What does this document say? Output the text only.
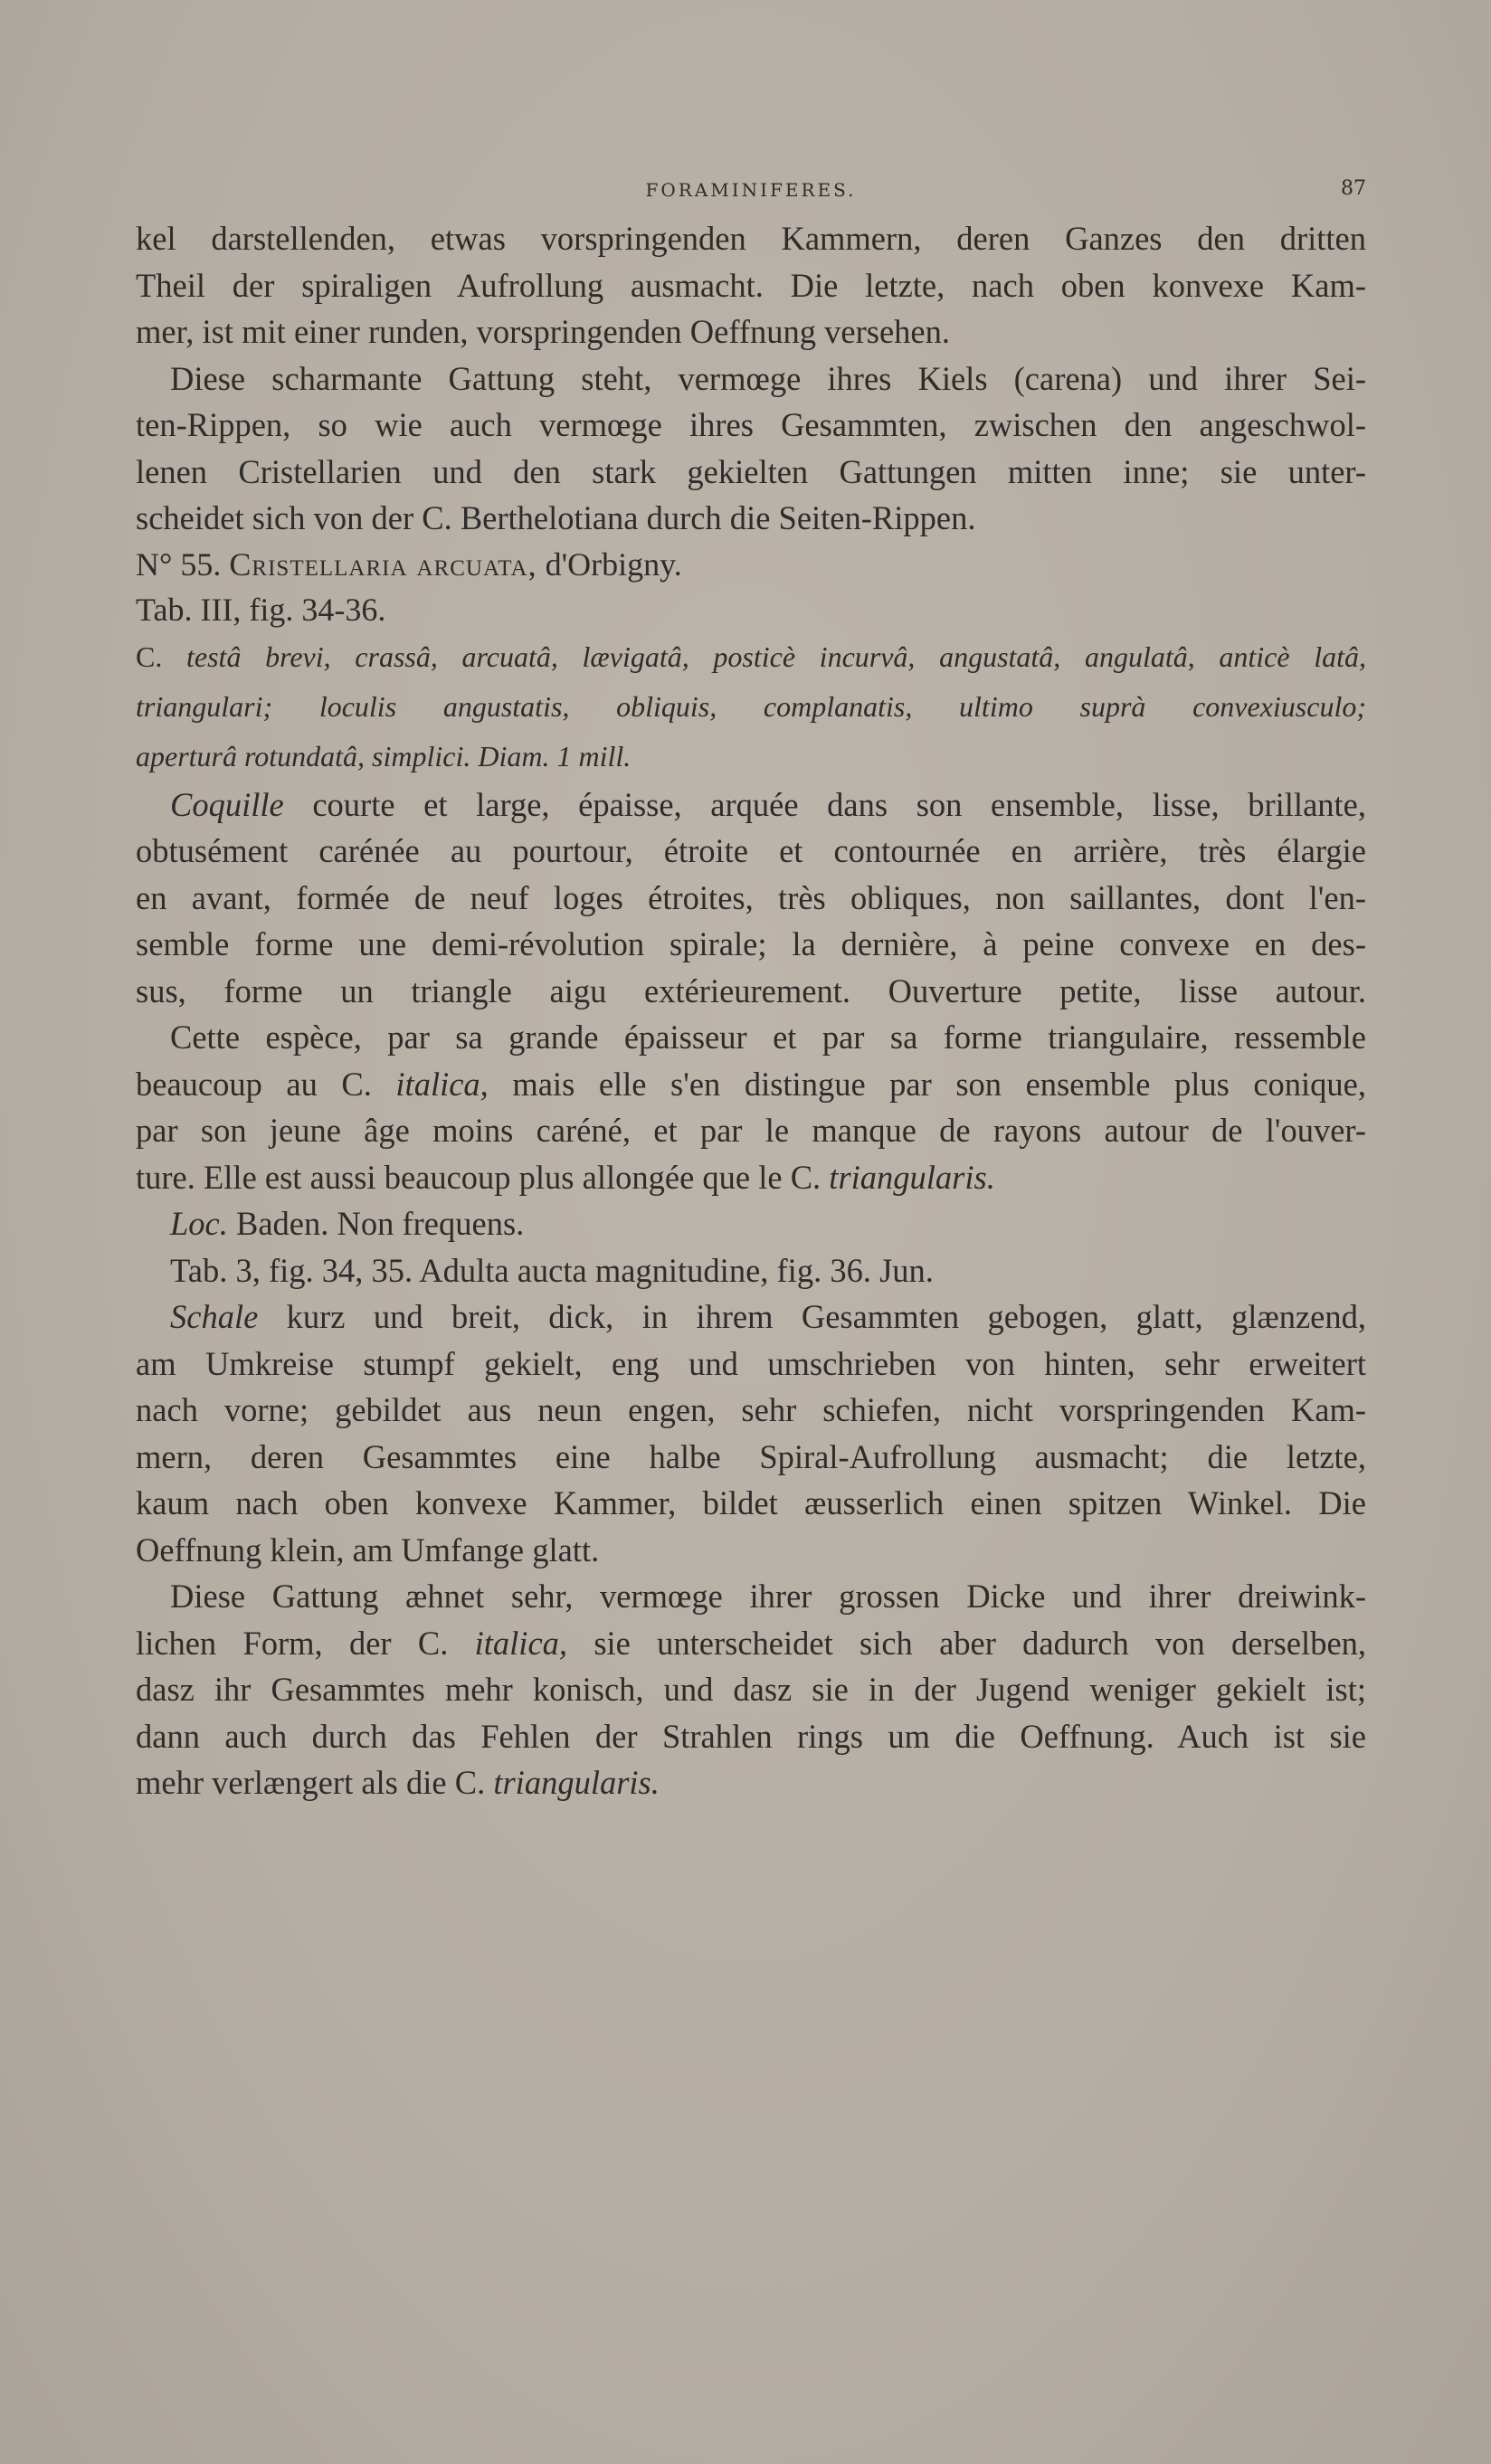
FORAMINIFERES.	87

kel darstellenden, etwas vorspringenden Kammern, deren Ganzes den dritten
Theil der spiraligen Aufrollung ausmacht. Die letzte, nach oben konvexe Kam-
mer, ist mit einer runden, vorspringenden Oeffnung versehen.

Diese scharmante Gattung steht, vermœge ihres Kiels (carena) und ihrer Sei-
ten-Rippen, so wie auch vermœge ihres Gesammten, zwischen den angeschwol-
lenen Cristellarien und den stark gekielten Gattungen mitten inne; sie unter-
scheidet sich von der C. Berthelotiana durch die Seiten-Rippen.

N° 55. Cristellaria arcuata, d'Orbigny.

Tab. III, fig. 34-36.

C. testâ brevi, crassâ, arcuatâ, lævigatâ, posticè incurvâ, angustatâ, angulatâ, anticè latâ,
triangulari; loculis angustatis, obliquis, complanatis, ultimo suprà convexiusculo;
aperturâ rotundatâ, simplici. Diam. 1 mill.

Coquille courte et large, épaisse, arquée dans son ensemble, lisse, brillante,
obtusément carénée au pourtour, étroite et contournée en arrière, très élargie
en avant, formée de neuf loges étroites, très obliques, non saillantes, dont l'en-
semble forme une demi-révolution spirale; la dernière, à peine convexe en des-
sus, forme un triangle aigu extérieurement. Ouverture petite, lisse autour.

Cette espèce, par sa grande épaisseur et par sa forme triangulaire, ressemble
beaucoup au C. italica, mais elle s'en distingue par son ensemble plus conique,
par son jeune âge moins caréné, et par le manque de rayons autour de l'ouver-
ture. Elle est aussi beaucoup plus allongée que le C. triangularis.

Loc. Baden. Non frequens.

Tab. 3, fig. 34, 35. Adulta aucta magnitudine, fig. 36. Jun.

Schale kurz und breit, dick, in ihrem Gesammten gebogen, glatt, glænzend,
am Umkreise stumpf gekielt, eng und umschrieben von hinten, sehr erweitert
nach vorne; gebildet aus neun engen, sehr schiefen, nicht vorspringenden Kam-
mern, deren Gesammtes eine halbe Spiral-Aufrollung ausmacht; die letzte,
kaum nach oben konvexe Kammer, bildet æusserlich einen spitzen Winkel. Die
Oeffnung klein, am Umfange glatt.

Diese Gattung æhnet sehr, vermœge ihrer grossen Dicke und ihrer dreiwink-
lichen Form, der C. italica, sie unterscheidet sich aber dadurch von derselben,
dasz ihr Gesammtes mehr konisch, und dasz sie in der Jugend weniger gekielt ist;
dann auch durch das Fehlen der Strahlen rings um die Oeffnung. Auch ist sie
mehr verlængert als die C. triangularis.
